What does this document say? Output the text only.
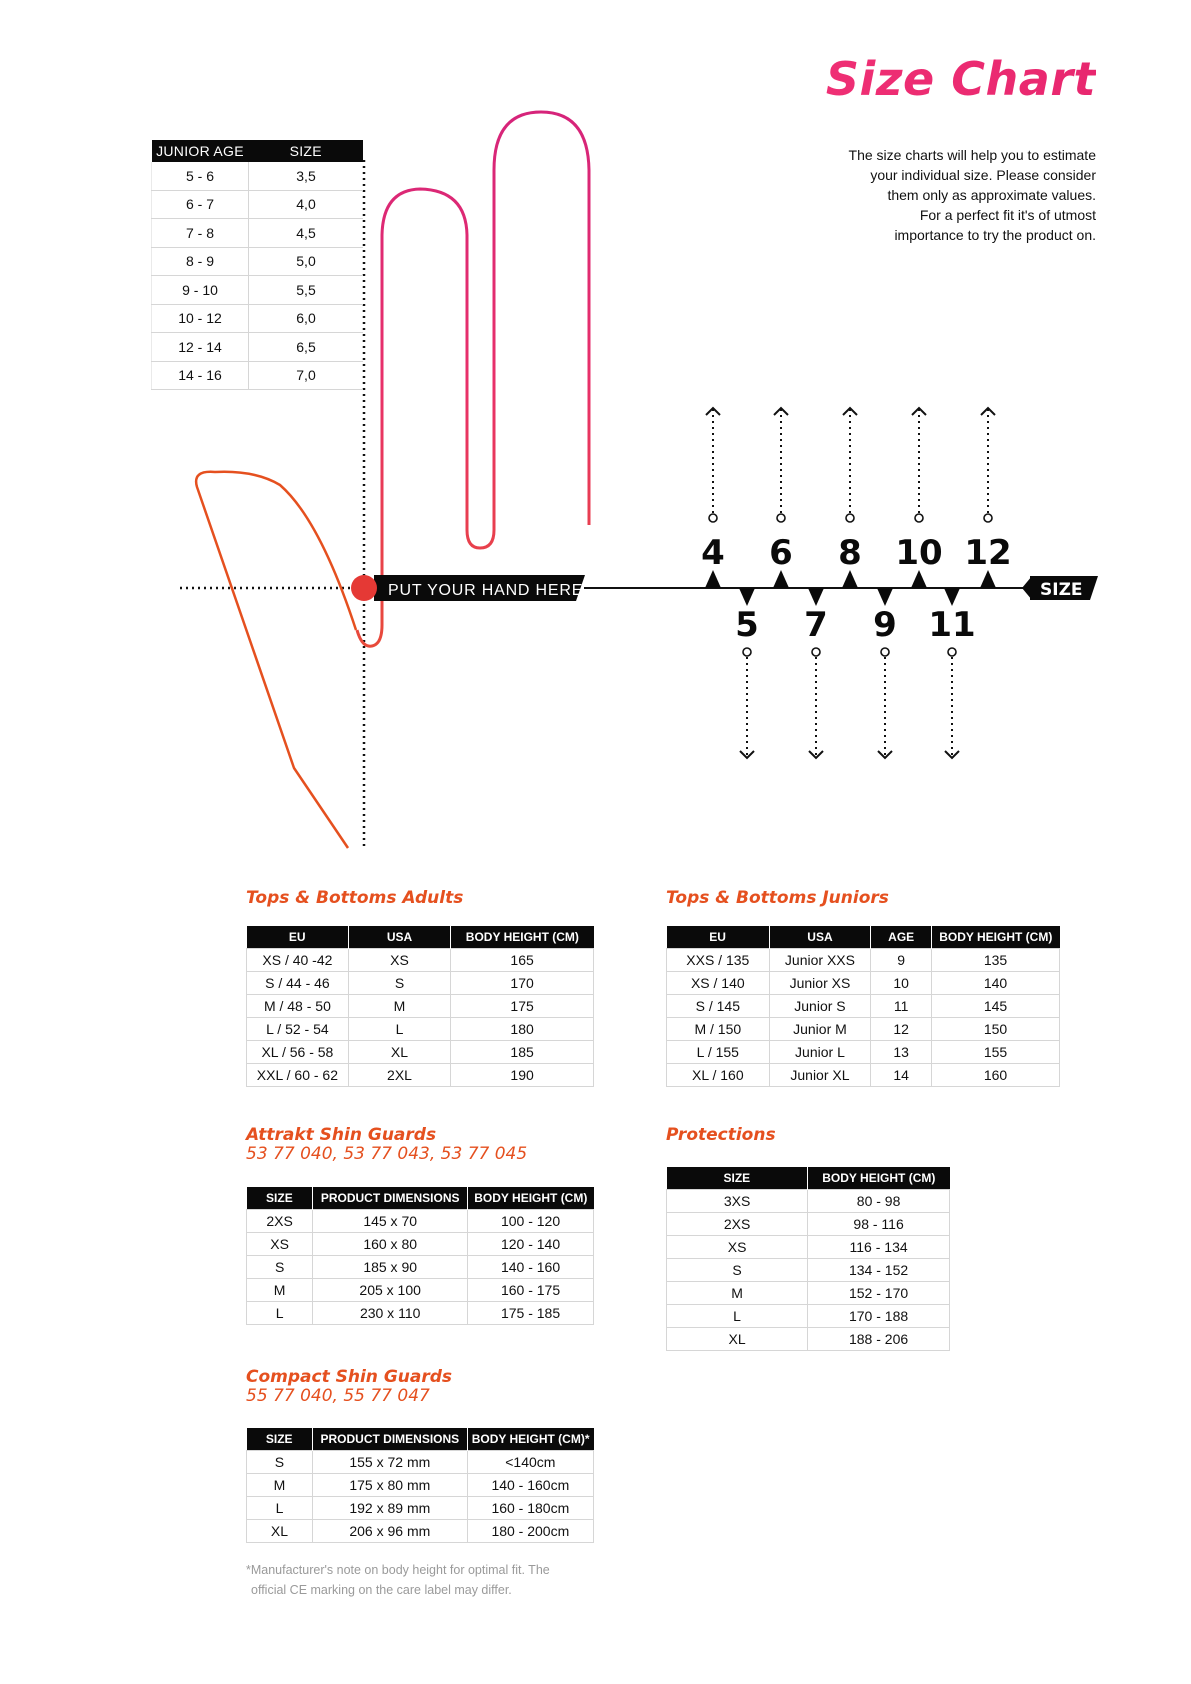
Size Chart
The size charts will help you to estimate
your individual size. Please consider
them only as approximate values.
For a perfect fit it's of utmost
importance to try the product on.
PUT YOUR HAND HERE	SIZE
4 6 8 10 12
5 7 9 11
JUNIOR AGE	SIZE
5 - 6	3,5
6 - 7	4,0
7 - 8	4,5
8 - 9	5,0
9 - 10	5,5
10 - 12	6,0
12 - 14	6,5
14 - 16	7,0
Tops & Bottoms Adults
EU	USA	BODY HEIGHT (CM)
XS / 40 -42	XS	165
S / 44 - 46	S	170
M / 48 - 50	M	175
L / 52 - 54	L	180
XL / 56 - 58	XL	185
XXL / 60 - 62	2XL	190
Tops & Bottoms Juniors
EU	USA	AGE	BODY HEIGHT (CM)
XXS / 135	Junior XXS	9	135
XS / 140	Junior XS	10	140
S / 145	Junior S	11	145
M / 150	Junior M	12	150
L / 155	Junior L	13	155
XL / 160	Junior XL	14	160
Attrakt Shin Guards
53 77 040, 53 77 043, 53 77 045
SIZE	PRODUCT DIMENSIONS	BODY HEIGHT (CM)
2XS	145 x 70	100 - 120
XS	160 x 80	120 - 140
S	185 x 90	140 - 160
M	205 x 100	160 - 175
L	230 x 110	175 - 185
Protections
SIZE	BODY HEIGHT (CM)
3XS	80 - 98
2XS	98 - 116
XS	116 - 134
S	134 - 152
M	152 - 170
L	170 - 188
XL	188 - 206
Compact Shin Guards
55 77 040, 55 77 047
SIZE	PRODUCT DIMENSIONS	BODY HEIGHT (CM)*
S	155 x 72 mm	<140cm
M	175 x 80 mm	140 - 160cm
L	192 x 89 mm	160 - 180cm
XL	206 x 96 mm	180 - 200cm
*Manufacturer's note on body height for optimal fit. The
official CE marking on the care label may differ.
